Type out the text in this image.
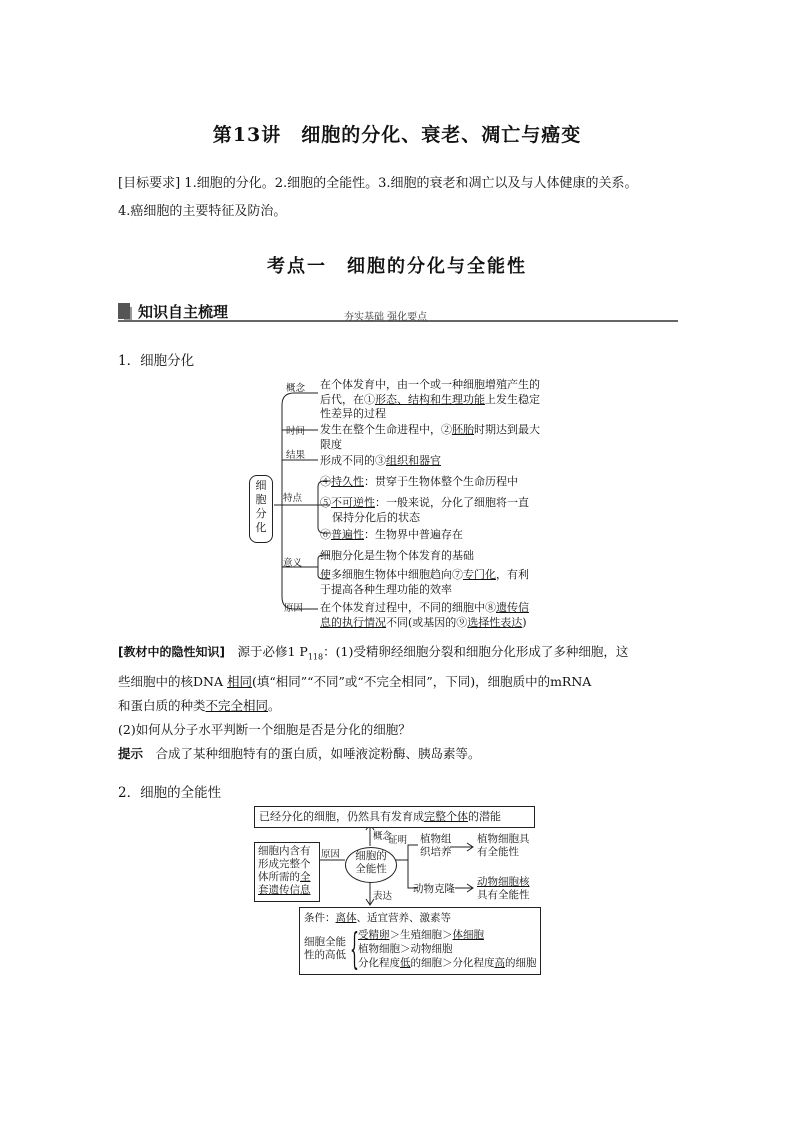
第13讲　细胞的分化、衰老、凋亡与癌变
[目标要求] 1.细胞的分化。2.细胞的全能性。3.细胞的衰老和凋亡以及与人体健康的关系。
4.癌细胞的主要特征及防治。
考点一　细胞的分化与全能性
知识自主梳理	夯实基础 强化要点
1．细胞分化
细
胞
分
化
概念 在个体发育中，由一个或一种细胞增殖产生的
后代，在①形态、结构和生理功能上发生稳定
性差异的过程
时间 发生在整个生命进程中，②胚胎时期达到最大
限度
结果 形成不同的③组织和器官
特点
④持久性：贯穿于生物体整个生命历程中
⑤不可逆性：一般来说，分化了细胞将一直
保持分化后的状态
⑥普遍性：生物界中普遍存在
意义
细胞分化是生物个体发育的基础
使多细胞生物体中细胞趋向⑦专门化，有利
于提高各种生理功能的效率
原因 在个体发育过程中，不同的细胞中⑧遗传信
息的执行情况不同(或基因的⑨选择性表达)
[教材中的隐性知识]　源于必修1 $P_{118}$：(1)受精卵经细胞分裂和细胞分化形成了多种细胞，这
些细胞中的核DNA 相同(填“相同”“不同”或“不完全相同”，下同)，细胞质中的mRNA
和蛋白质的种类不完全相同。
(2)如何从分子水平判断一个细胞是否是分化的细胞？
提示　合成了某种细胞特有的蛋白质，如唾液淀粉酶、胰岛素等。
2．细胞的全能性
已经分化的细胞，仍然具有发育成完整个体的潜能
概念
细胞内含有
形成完整个
体所需的全
套遗传信息
原因	细胞的
全能性
证明 植物组
织培养
植物细胞具
有全能性
动物克隆
动物细胞核
具有全能性
表达
条件：离体、适宜营养、激素等
细胞全能
性的高低 { 受精卵＞生殖细胞＞体细胞
植物细胞＞动物细胞
分化程度低的细胞＞分化程度高的细胞
